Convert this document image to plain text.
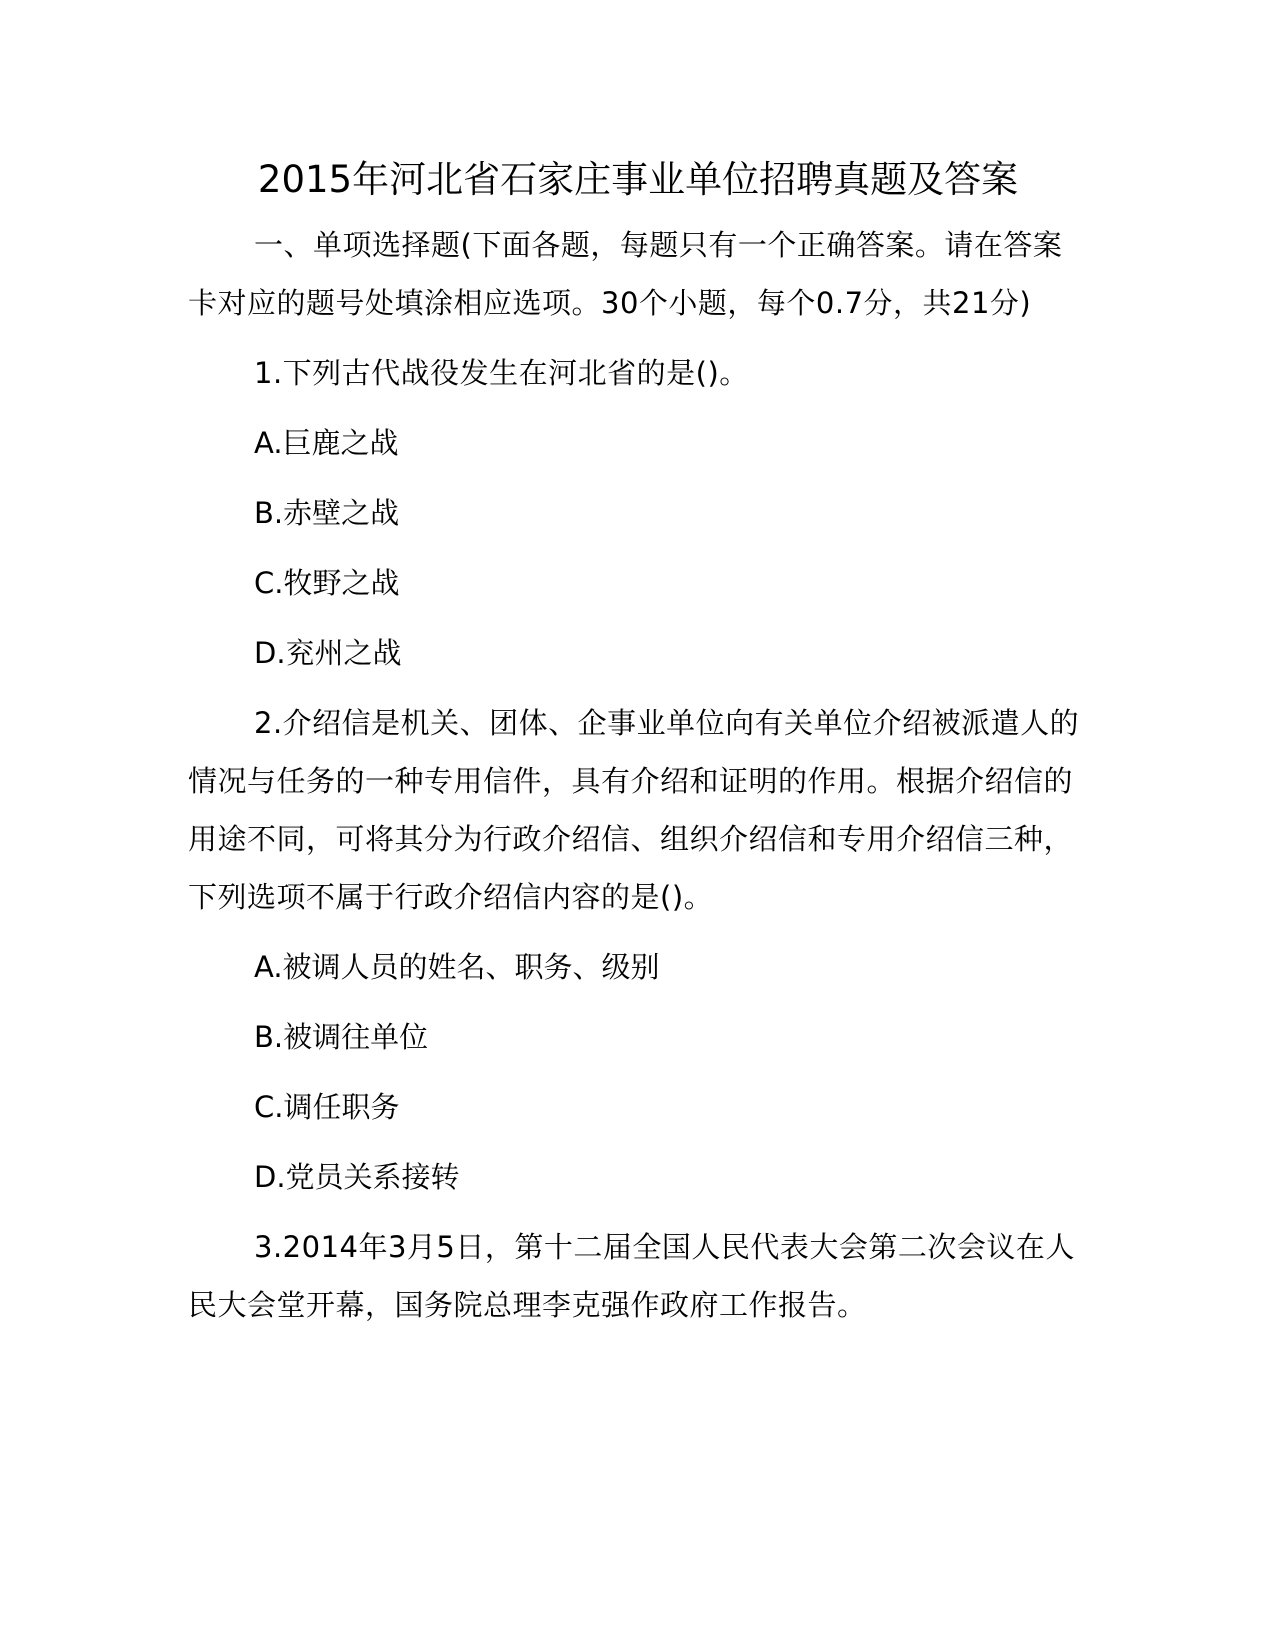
2015年河北省石家庄事业单位招聘真题及答案

一、单项选择题(下面各题，每题只有一个正确答案。请在答案卡对应的题号处填涂相应选项。30个小题，每个0.7分，共21分)

1.下列古代战役发生在河北省的是()。

A.巨鹿之战

B.赤壁之战

C.牧野之战

D.兖州之战

2.介绍信是机关、团体、企事业单位向有关单位介绍被派遣人的情况与任务的一种专用信件，具有介绍和证明的作用。根据介绍信的用途不同，可将其分为行政介绍信、组织介绍信和专用介绍信三种，下列选项不属于行政介绍信内容的是()。

A.被调人员的姓名、职务、级别

B.被调往单位

C.调任职务

D.党员关系接转

3.2014年3月5日，第十二届全国人民代表大会第二次会议在人民大会堂开幕，国务院总理李克强作政府工作报告。
